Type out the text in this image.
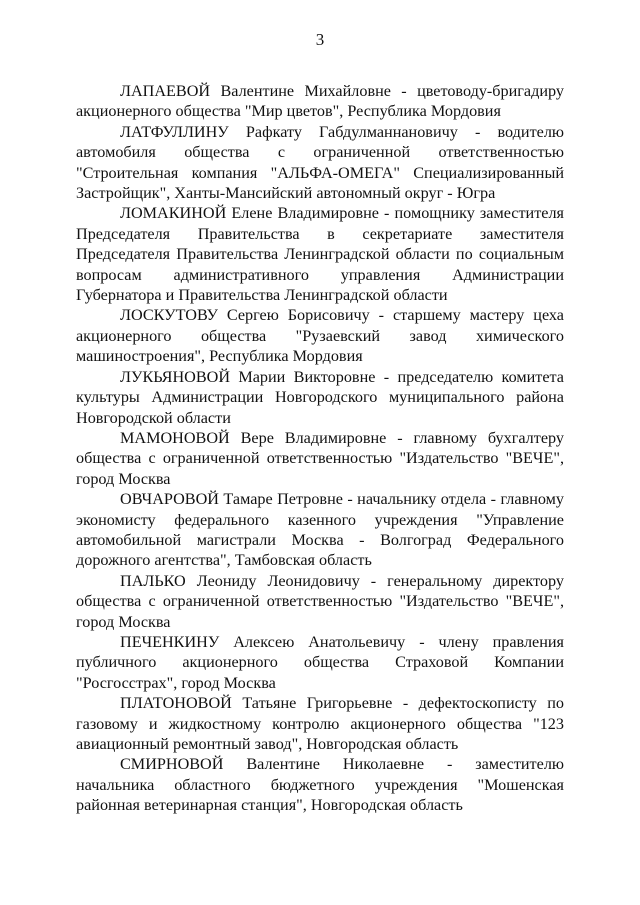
3

ЛАПАЕВОЙ Валентине Михайловне - цветоводу-бригадиру акционерного общества "Мир цветов", Республика Мордовия

ЛАТФУЛЛИНУ Рафкату Габдулманнановичу - водителю автомобиля общества с ограниченной ответственностью "Строительная компания "АЛЬФА-ОМЕГА" Специализированный Застройщик", Ханты-Мансийский автономный округ - Югра

ЛОМАКИНОЙ Елене Владимировне - помощнику заместителя Председателя Правительства в секретариате заместителя Председателя Правительства Ленинградской области по социальным вопросам административного управления Администрации Губернатора и Правительства Ленинградской области

ЛОСКУТОВУ Сергею Борисовичу - старшему мастеру цеха акционерного общества "Рузаевский завод химического машиностроения", Республика Мордовия

ЛУКЬЯНОВОЙ Марии Викторовне - председателю комитета культуры Администрации Новгородского муниципального района Новгородской области

МАМОНОВОЙ Вере Владимировне - главному бухгалтеру общества с ограниченной ответственностью "Издательство "ВЕЧЕ", город Москва

ОВЧАРОВОЙ Тамаре Петровне - начальнику отдела - главному экономисту федерального казенного учреждения "Управление автомобильной магистрали Москва - Волгоград Федерального дорожного агентства", Тамбовская область

ПАЛЬКО Леониду Леонидовичу - генеральному директору общества с ограниченной ответственностью "Издательство "ВЕЧЕ", город Москва

ПЕЧЕНКИНУ Алексею Анатольевичу - члену правления публичного акционерного общества Страховой Компании "Росгосстрах", город Москва

ПЛАТОНОВОЙ Татьяне Григорьевне - дефектоскописту по газовому и жидкостному контролю акционерного общества "123 авиационный ремонтный завод", Новгородская область

СМИРНОВОЙ Валентине Николаевне - заместителю начальника областного бюджетного учреждения "Мошенская районная ветеринарная станция", Новгородская область
